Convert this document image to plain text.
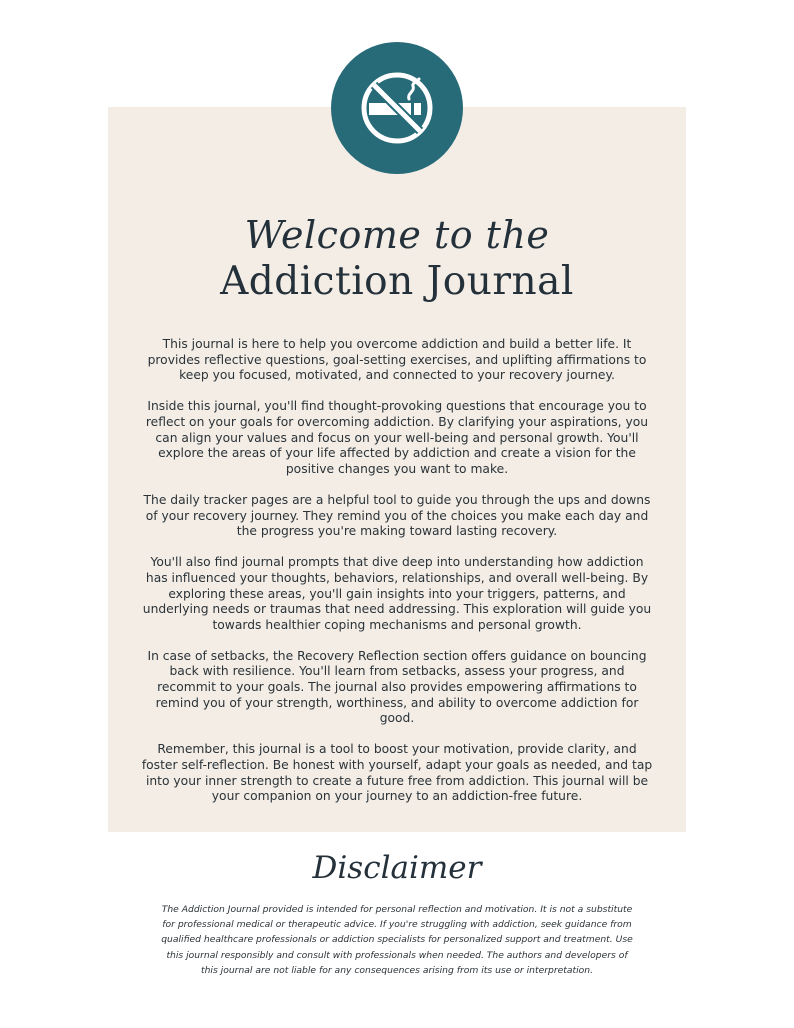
Welcome to the
Addiction Journal

This journal is here to help you overcome addiction and build a better life. It provides reflective questions, goal-setting exercises, and uplifting affirmations to keep you focused, motivated, and connected to your recovery journey.

Inside this journal, you'll find thought-provoking questions that encourage you to reflect on your goals for overcoming addiction. By clarifying your aspirations, you can align your values and focus on your well-being and personal growth. You'll explore the areas of your life affected by addiction and create a vision for the positive changes you want to make.

The daily tracker pages are a helpful tool to guide you through the ups and downs of your recovery journey. They remind you of the choices you make each day and the progress you're making toward lasting recovery.

You'll also find journal prompts that dive deep into understanding how addiction has influenced your thoughts, behaviors, relationships, and overall well-being. By exploring these areas, you'll gain insights into your triggers, patterns, and underlying needs or traumas that need addressing. This exploration will guide you towards healthier coping mechanisms and personal growth.

In case of setbacks, the Recovery Reflection section offers guidance on bouncing back with resilience. You'll learn from setbacks, assess your progress, and recommit to your goals. The journal also provides empowering affirmations to remind you of your strength, worthiness, and ability to overcome addiction for good.

Remember, this journal is a tool to boost your motivation, provide clarity, and foster self-reflection. Be honest with yourself, adapt your goals as needed, and tap into your inner strength to create a future free from addiction. This journal will be your companion on your journey to an addiction-free future.

Disclaimer
The Addiction Journal provided is intended for personal reflection and motivation. It is not a substitute for professional medical or therapeutic advice. If you're struggling with addiction, seek guidance from qualified healthcare professionals or addiction specialists for personalized support and treatment. Use this journal responsibly and consult with professionals when needed. The authors and developers of this journal are not liable for any consequences arising from its use or interpretation.
